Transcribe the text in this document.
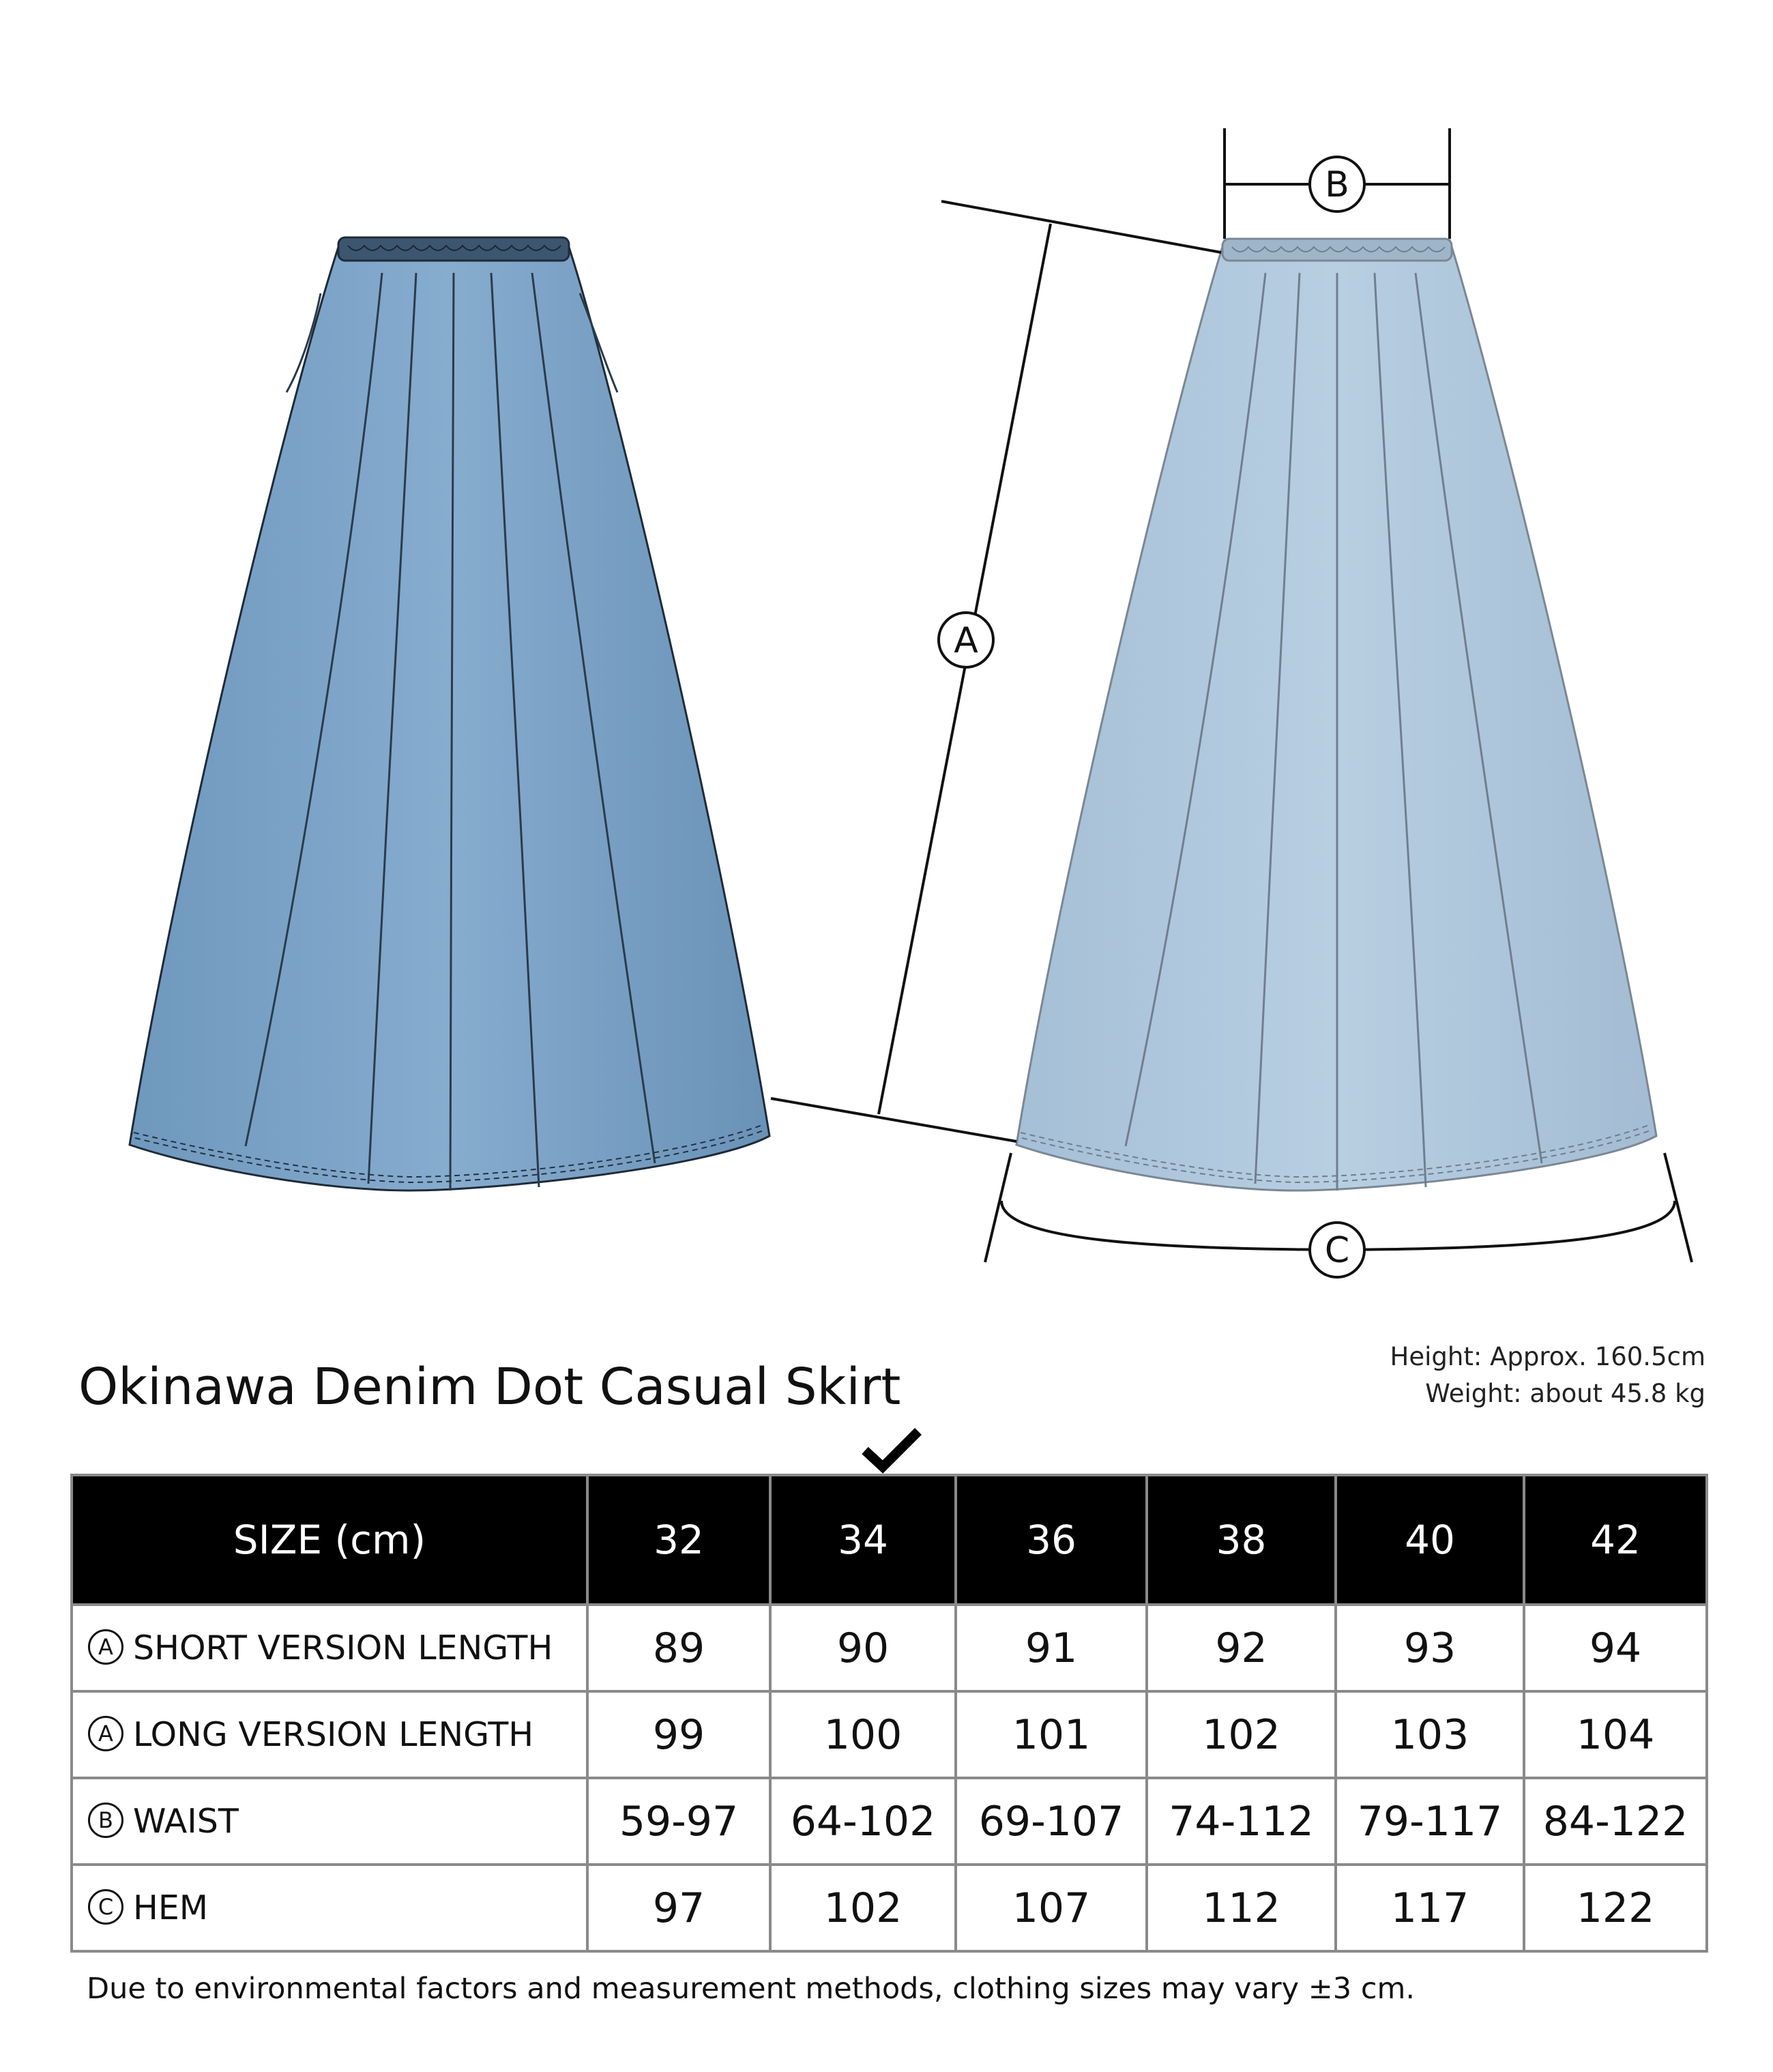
A
B
C
Okinawa Denim Dot Casual Skirt
Height: Approx. 160.5cm
Weight: about 45.8 kg
SIZE (cm)	32	34	36	38	40	42
A SHORT VERSION LENGTH	89	90	91	92	93	94
A LONG VERSION LENGTH	99	100	101	102	103	104
B WAIST	59-97	64-102	69-107	74-112	79-117	84-122
C HEM	97	102	107	112	117	122
Due to environmental factors and measurement methods, clothing sizes may vary ±3 cm.
